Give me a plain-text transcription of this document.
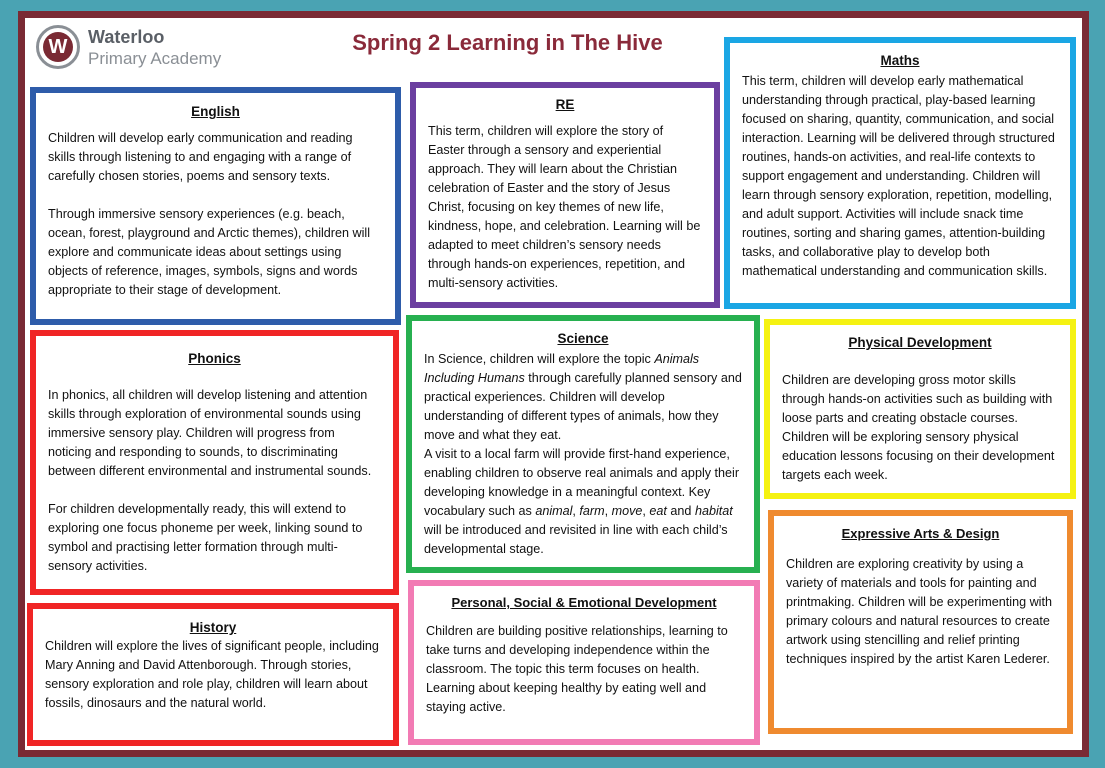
W	Waterloo
Primary Academy
Spring 2 Learning in The Hive
English

Children will develop early communication and reading skills through listening to and engaging with a range of carefully chosen stories, poems and sensory texts.

Through immersive sensory experiences (e.g. beach, ocean, forest, playground and Arctic themes), children will explore and communicate ideas about settings using objects of reference, images, symbols, signs and words appropriate to their stage of development.

RE

This term, children will explore the story of Easter through a sensory and experiential approach. They will learn about the Christian celebration of Easter and the story of Jesus Christ, focusing on key themes of new life, kindness, hope, and celebration. Learning will be adapted to meet children’s sensory needs through hands-on experiences, repetition, and multi-sensory activities.

Maths

This term, children will develop early mathematical understanding through practical, play-based learning focused on sharing, quantity, communication, and social interaction. Learning will be delivered through structured routines, hands-on activities, and real-life contexts to support engagement and understanding. Children will learn through sensory exploration, repetition, modelling, and adult support. Activities will include snack time routines, sorting and sharing games, attention-building tasks, and collaborative play to develop both mathematical understanding and communication skills.

Phonics

In phonics, all children will develop listening and attention skills through exploration of environmental sounds using immersive sensory play. Children will progress from noticing and responding to sounds, to discriminating between different environmental and instrumental sounds.

For children developmentally ready, this will extend to exploring one focus phoneme per week, linking sound to symbol and practising letter formation through multi-sensory activities.

Science

In Science, children will explore the topic Animals Including Humans through carefully planned sensory and practical experiences. Children will develop understanding of different types of animals, how they move and what they eat.

A visit to a local farm will provide first-hand experience, enabling children to observe real animals and apply their developing knowledge in a meaningful context. Key vocabulary such as animal, farm, move, eat and habitat will be introduced and revisited in line with each child’s developmental stage.

Physical Development

Children are developing gross motor skills through hands-on activities such as building with loose parts and creating obstacle courses. Children will be exploring sensory physical education lessons focusing on their development targets each week.

History

Children will explore the lives of significant people, including Mary Anning and David Attenborough. Through stories, sensory exploration and role play, children will learn about fossils, dinosaurs and the natural world.

Personal, Social & Emotional Development

Children are building positive relationships, learning to take turns and developing independence within the classroom. The topic this term focuses on health. Learning about keeping healthy by eating well and staying active.

Expressive Arts & Design

Children are exploring creativity by using a variety of materials and tools for painting and printmaking. Children will be experimenting with primary colours and natural resources to create artwork using stencilling and relief printing techniques inspired by the artist Karen Lederer.
